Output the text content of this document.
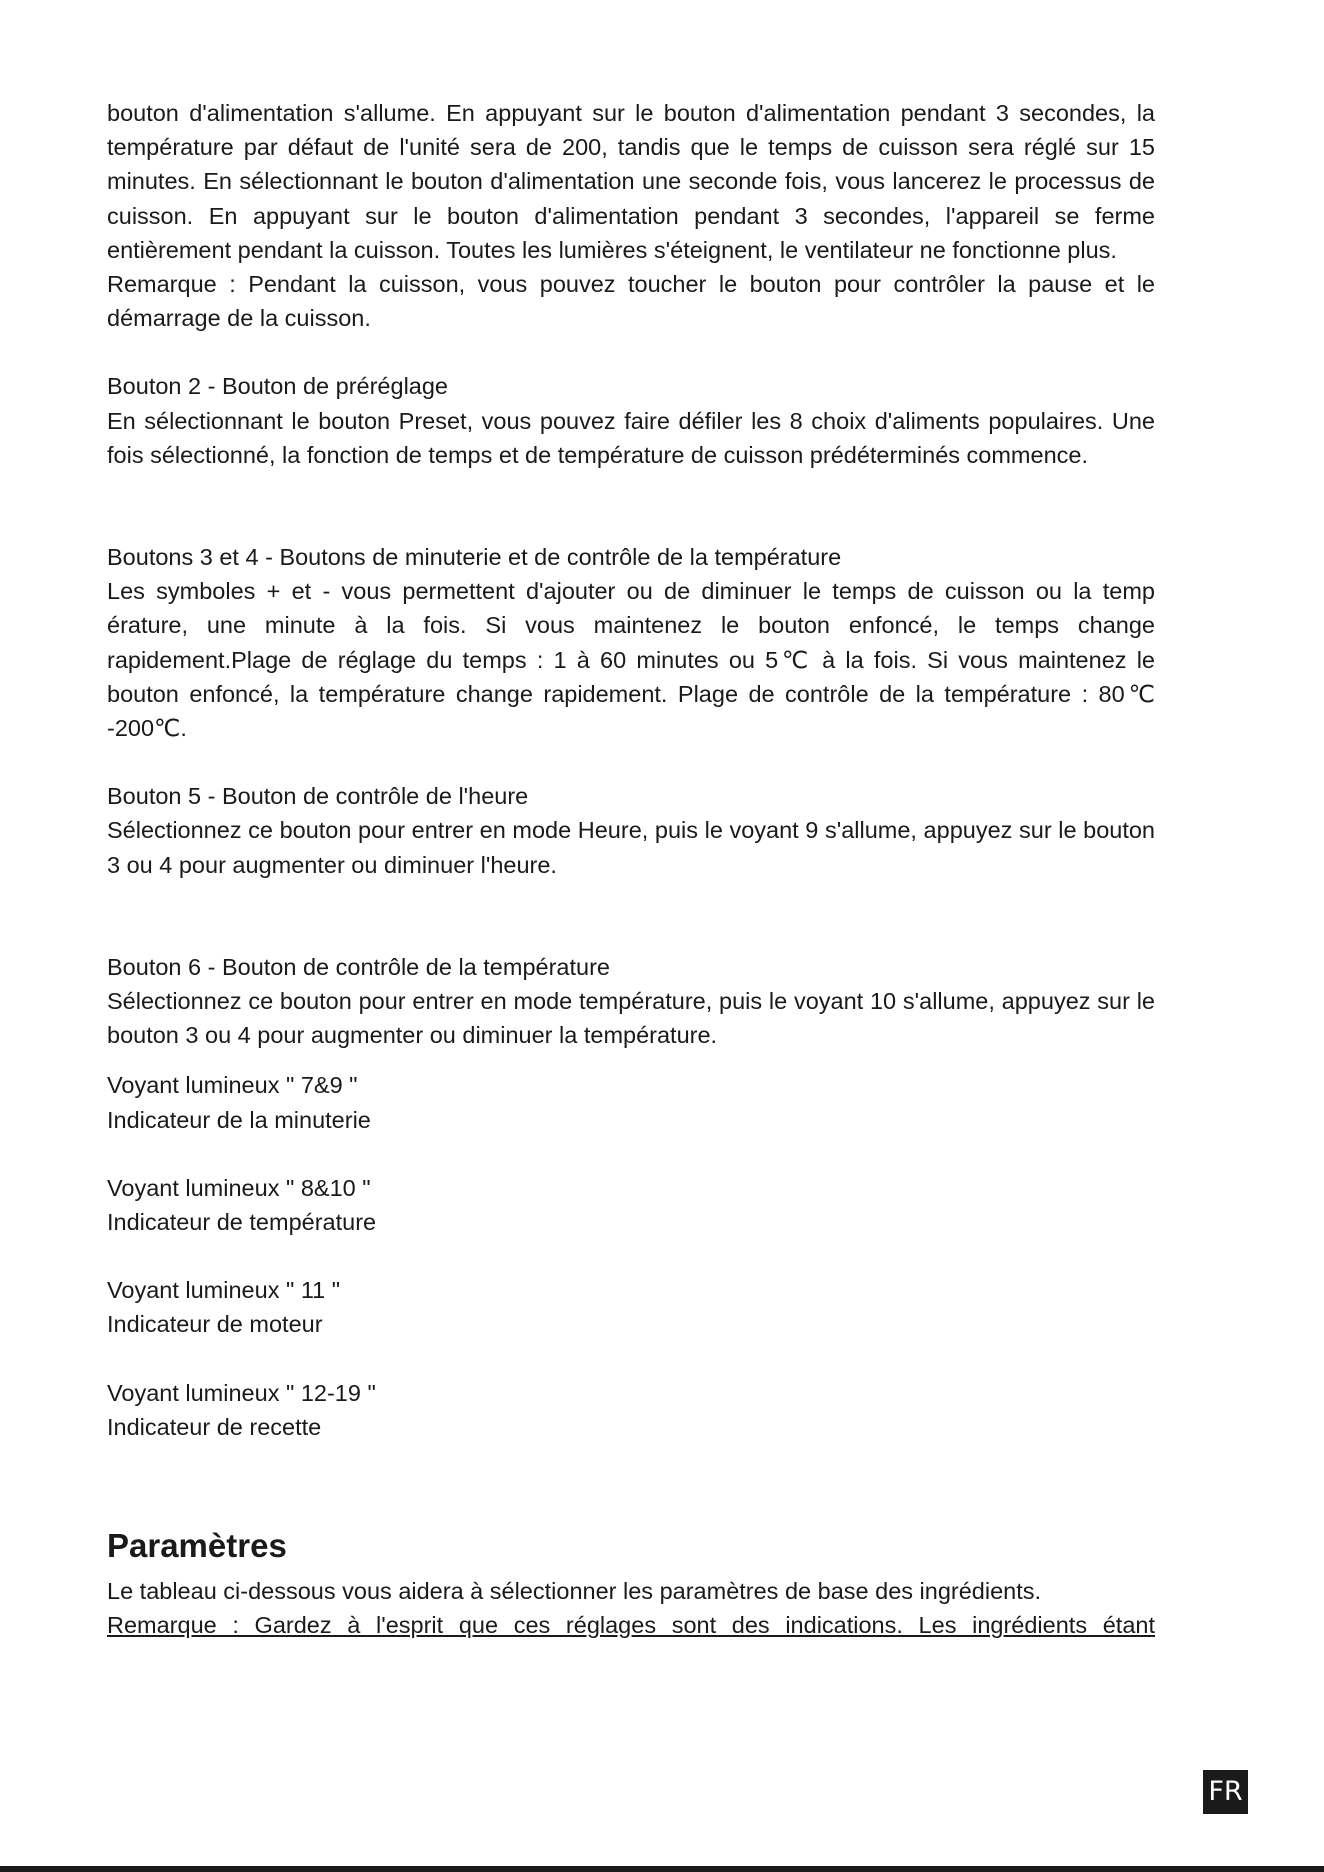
bouton d'alimentation s'allume. En appuyant sur le bouton d'alimentation pendant 3 secondes, la température par défaut de l'unité sera de 200, tandis que le temps de cuisson sera réglé sur 15 minutes. En sélectionnant le bouton d'alimentation une seconde fois, vous lancerez le processus de cuisson. En appuyant sur le bouton d'alimentation pendant 3 secondes, l'appareil se ferme entièrement pendant la cuisson. Toutes les lumières s'éteignent, le ventilateur ne fonctionne plus.

Remarque : Pendant la cuisson, vous pouvez toucher le bouton pour contrôler la pause et le démarrage de la cuisson.

Bouton 2 - Bouton de préréglage

En sélectionnant le bouton Preset, vous pouvez faire défiler les 8 choix d'aliments populaires. Une fois sélectionné, la fonction de temps et de température de cuisson prédéterminés commence.

Boutons 3 et 4 - Boutons de minuterie et de contrôle de la température

Les symboles + et - vous permettent d'ajouter ou de diminuer le temps de cuisson ou la temp érature, une minute à la fois. Si vous maintenez le bouton enfoncé, le temps change rapidement.Plage de réglage du temps : 1 à 60 minutes ou 5℃ à la fois. Si vous maintenez le bouton enfoncé, la température change rapidement. Plage de contrôle de la température : 80℃ -200℃.

Bouton 5 - Bouton de contrôle de l'heure

Sélectionnez ce bouton pour entrer en mode Heure, puis le voyant 9 s'allume, appuyez sur le bouton 3 ou 4 pour augmenter ou diminuer l'heure.

Bouton 6 - Bouton de contrôle de la température

Sélectionnez ce bouton pour entrer en mode température, puis le voyant 10 s'allume, appuyez sur le bouton 3 ou 4 pour augmenter ou diminuer la température.

Voyant lumineux " 7&9 "

Indicateur de la minuterie

Voyant lumineux " 8&10 "

Indicateur de température

Voyant lumineux " 11 "

Indicateur de moteur

Voyant lumineux " 12-19 "

Indicateur de recette

Paramètres

Le tableau ci-dessous vous aidera à sélectionner les paramètres de base des ingrédients.

Remarque : Gardez à l'esprit que ces réglages sont des indications. Les ingrédients étant

FR
